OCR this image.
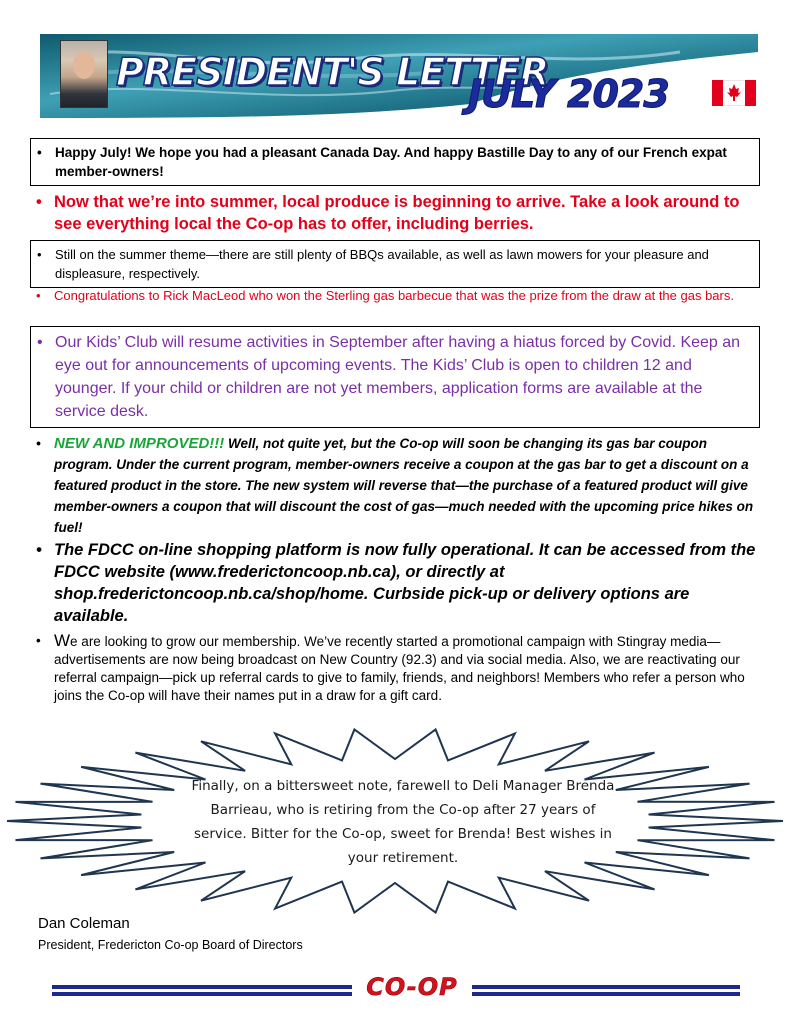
PRESIDENT'S LETTER
JULY 2023
• Happy July! We hope you had a pleasant Canada Day. And happy Bastille Day to any of our French expat member-owners!
• Now that we’re into summer, local produce is beginning to arrive. Take a look around to see everything local the Co-op has to offer, including berries.
•	Still on the summer theme—there are still plenty of BBQs available, as well as lawn mowers for your pleasure and displeasure, respectively.
•	Congratulations to Rick MacLeod who won the Sterling gas barbecue that was the prize from the draw at the gas bars.
• Our Kids’ Club will resume activities in September after having a hiatus forced by Covid. Keep an eye out for announcements of upcoming events. The Kids’ Club is open to children 12 and younger. If your child or children are not yet members, application forms are available at the service desk.
• NEW AND IMPROVED!!! Well, not quite yet, but the Co-op will soon be changing its gas bar coupon program. Under the current program, member-owners receive a coupon at the gas bar to get a discount on a featured product in the store. The new system will reverse that—the purchase of a featured product will give member-owners a coupon that will discount the cost of gas—much needed with the upcoming price hikes on fuel!
• The FDCC on-line shopping platform is now fully operational. It can be accessed from the FDCC website (www.frederictoncoop.nb.ca), or directly at shop.frederictoncoop.nb.ca/shop/home. Curbside pick-up or delivery options are available.
• We are looking to grow our membership. We’ve recently started a promotional campaign with Stingray media—advertisements are now being broadcast on New Country (92.3) and via social media. Also, we are reactivating our referral campaign—pick up referral cards to give to family, friends, and neighbors! Members who refer a person who joins the Co-op will have their names put in a draw for a gift card.
Finally, on a bittersweet note, farewell to Deli Manager Brenda Barrieau, who is retiring from the Co-op after 27 years of service. Bitter for the Co-op, sweet for Brenda! Best wishes in your retirement.
Dan Coleman
President, Fredericton Co-op Board of Directors
CO-OP
